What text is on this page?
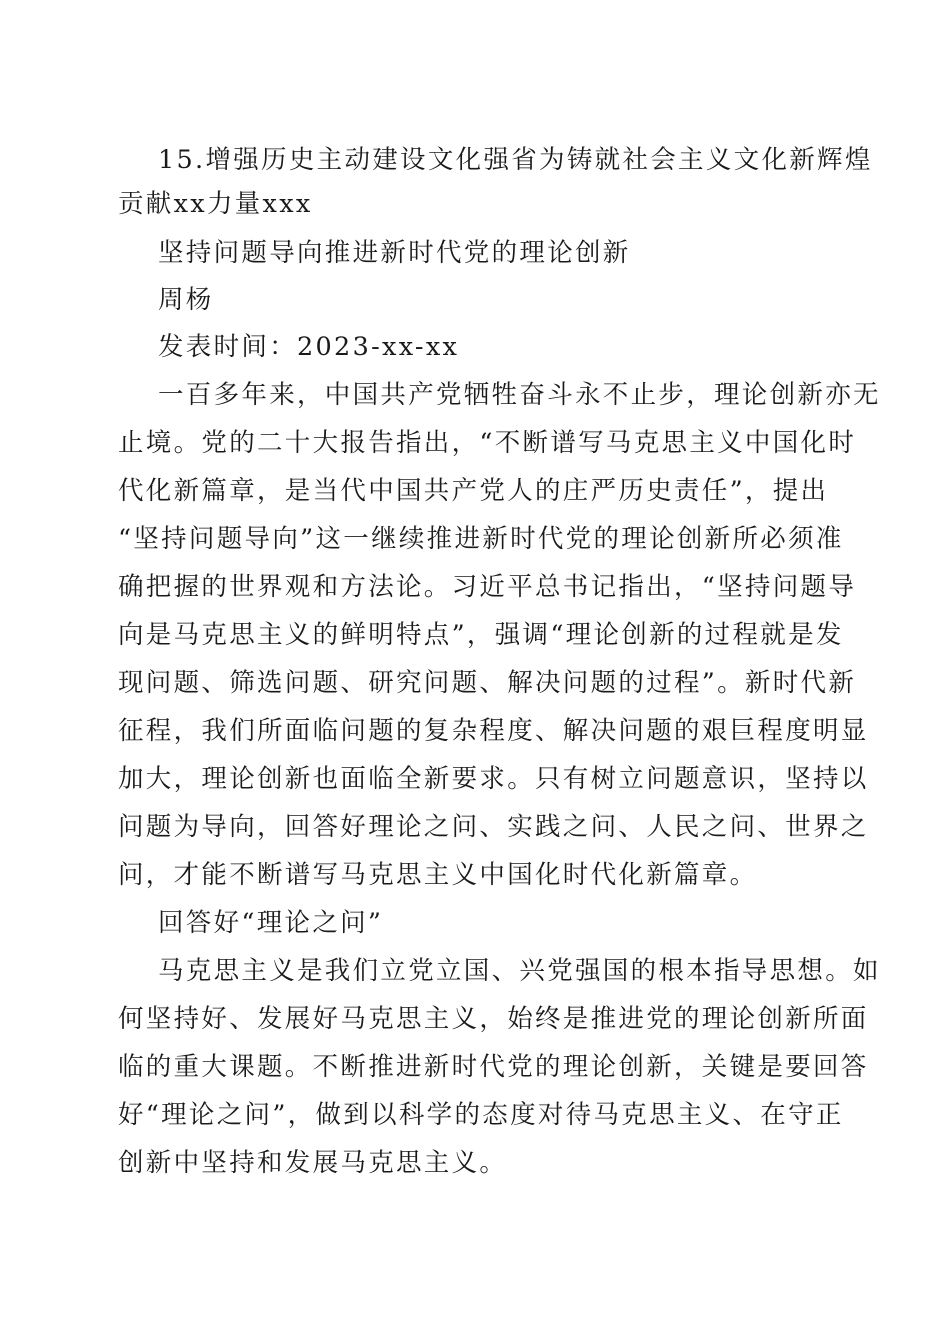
15.增强历史主动建设文化强省为铸就社会主义文化新辉煌

贡献xx力量xxx

坚持问题导向推进新时代党的理论创新

周杨

发表时间：2023-xx-xx

一百多年来，中国共产党牺牲奋斗永不止步，理论创新亦无

止境。党的二十大报告指出，“不断谱写马克思主义中国化时

代化新篇章，是当代中国共产党人的庄严历史责任”，提出

“坚持问题导向”这一继续推进新时代党的理论创新所必须准

确把握的世界观和方法论。习近平总书记指出，“坚持问题导

向是马克思主义的鲜明特点”，强调“理论创新的过程就是发

现问题、筛选问题、研究问题、解决问题的过程”。新时代新

征程，我们所面临问题的复杂程度、解决问题的艰巨程度明显

加大，理论创新也面临全新要求。只有树立问题意识，坚持以

问题为导向，回答好理论之问、实践之问、人民之问、世界之

问，才能不断谱写马克思主义中国化时代化新篇章。

回答好“理论之问”

马克思主义是我们立党立国、兴党强国的根本指导思想。如

何坚持好、发展好马克思主义，始终是推进党的理论创新所面

临的重大课题。不断推进新时代党的理论创新，关键是要回答

好“理论之问”，做到以科学的态度对待马克思主义、在守正

创新中坚持和发展马克思主义。
